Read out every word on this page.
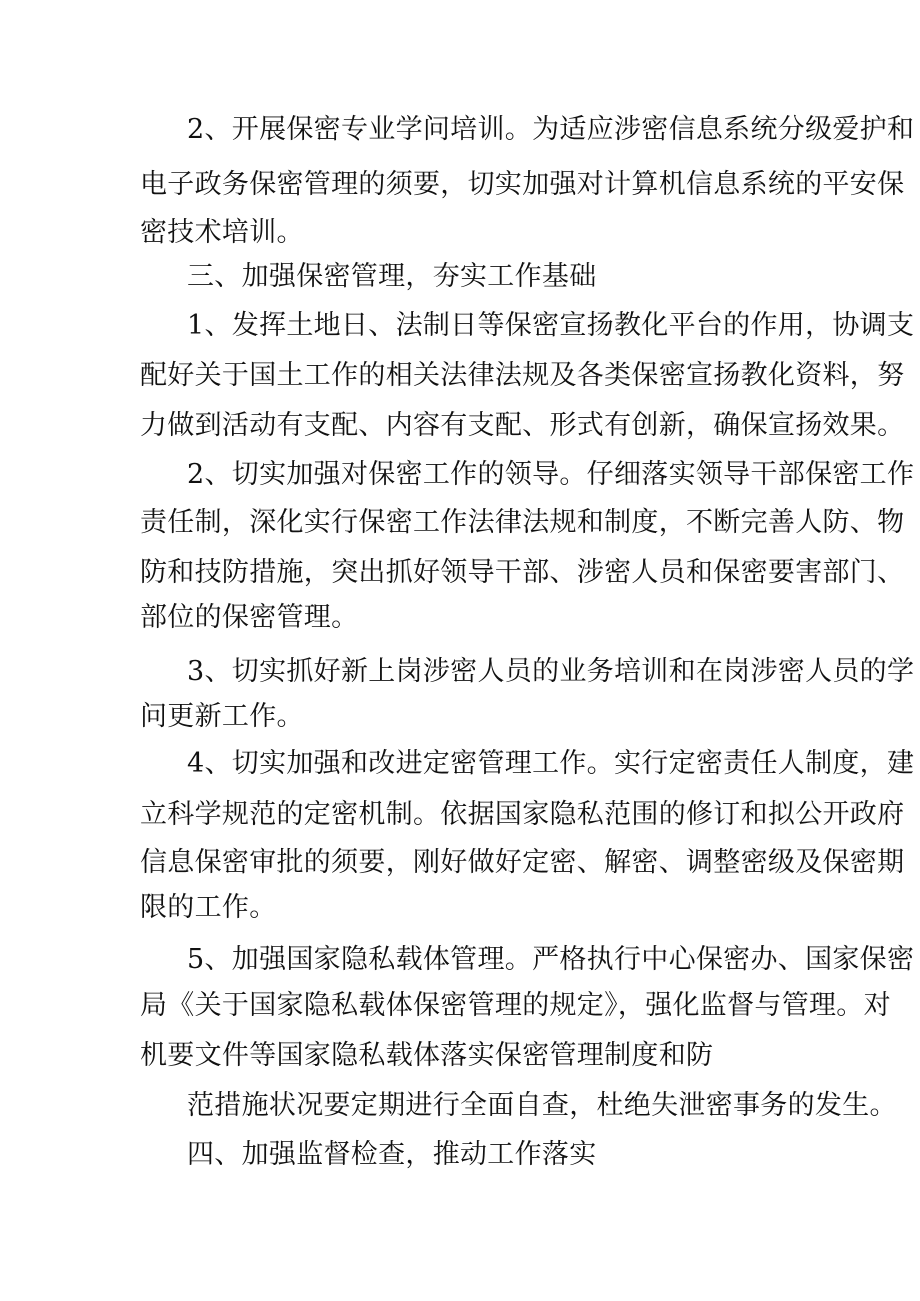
2、开展保密专业学问培训。为适应涉密信息系统分级爱护和

电子政务保密管理的须要，切实加强对计算机信息系统的平安保

密技术培训。

三、加强保密管理，夯实工作基础

1、发挥土地日、法制日等保密宣扬教化平台的作用，协调支

配好关于国土工作的相关法律法规及各类保密宣扬教化资料，努

力做到活动有支配、内容有支配、形式有创新，确保宣扬效果。

2、切实加强对保密工作的领导。仔细落实领导干部保密工作

责任制，深化实行保密工作法律法规和制度，不断完善人防、物

防和技防措施，突出抓好领导干部、涉密人员和保密要害部门、

部位的保密管理。

3、切实抓好新上岗涉密人员的业务培训和在岗涉密人员的学

问更新工作。

4、切实加强和改进定密管理工作。实行定密责任人制度，建

立科学规范的定密机制。依据国家隐私范围的修订和拟公开政府

信息保密审批的须要，刚好做好定密、解密、调整密级及保密期

限的工作。

5、加强国家隐私载体管理。严格执行中心保密办、国家保密

局《关于国家隐私载体保密管理的规定》，强化监督与管理。对

机要文件等国家隐私载体落实保密管理制度和防

范措施状况要定期进行全面自查，杜绝失泄密事务的发生。

四、加强监督检查，推动工作落实
